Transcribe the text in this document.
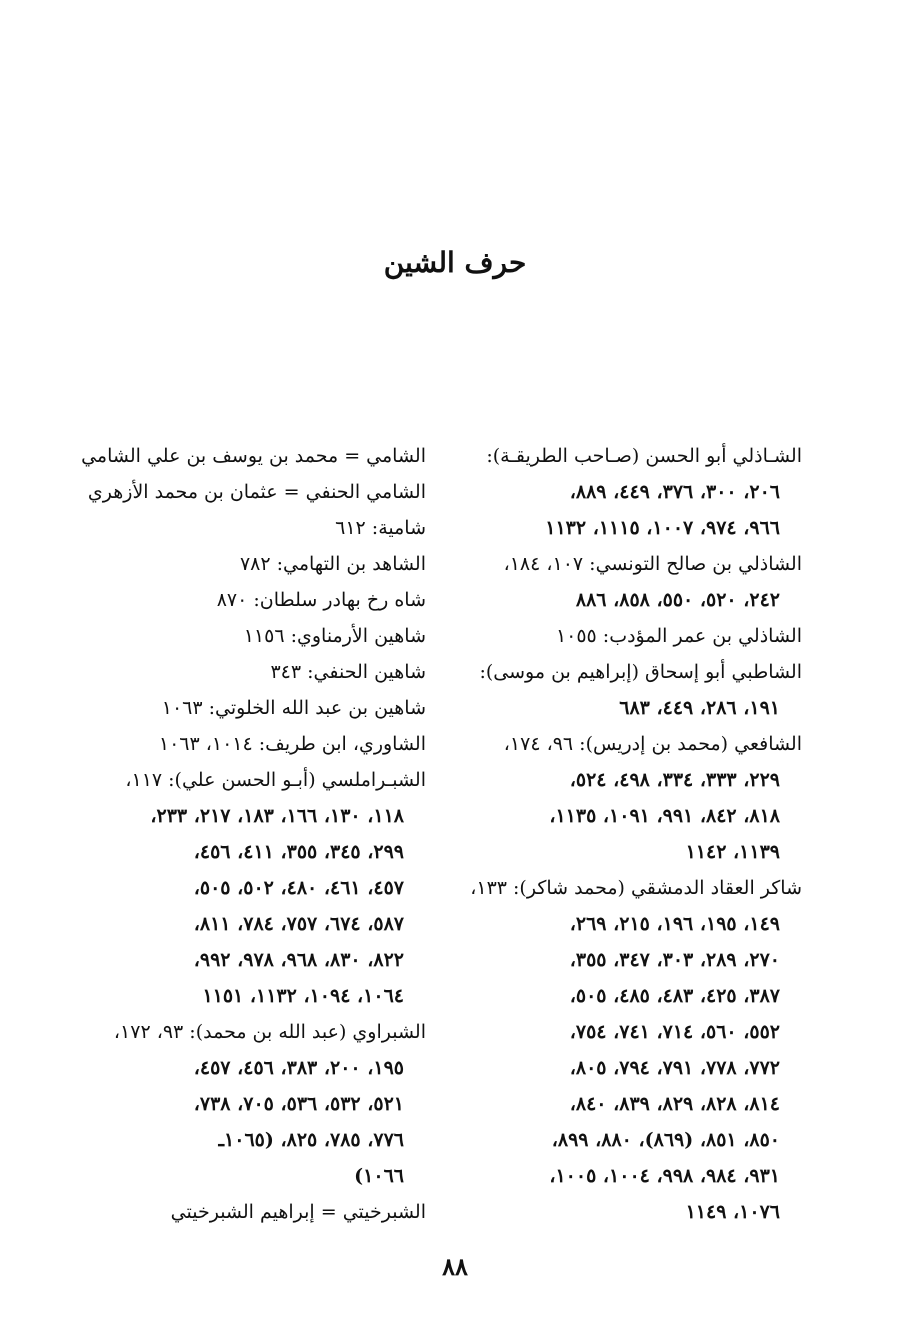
حرف الشين
الشـاذلي أبو الحسن (صـاحب الطريقـة):
٢٠٦، ٣٠٠، ٣٧٦، ٤٤٩، ٨٨٩،
٩٦٦، ٩٧٤، ١٠٠٧، ١١١٥، ١١٣٢
الشاذلي بن صالح التونسي: ١٠٧، ١٨٤،
٢٤٢، ٥٢٠، ٥٥٠، ٨٥٨، ٨٨٦
الشاذلي بن عمر المؤدب: ١٠٥٥
الشاطبي أبو إسحاق (إبراهيم بن موسى):
١٩١، ٢٨٦، ٤٤٩، ٦٨٣
الشافعي (محمد بن إدريس): ٩٦، ١٧٤،
٢٢٩، ٣٣٣، ٣٣٤، ٤٩٨، ٥٢٤،
٨١٨، ٨٤٢، ٩٩١، ١٠٩١، ١١٣٥،
١١٣٩، ١١٤٢
شاكر العقاد الدمشقي (محمد شاكر): ١٣٣،
١٤٩، ١٩٥، ١٩٦، ٢١٥، ٢٦٩،
٢٧٠، ٢٨٩، ٣٠٣، ٣٤٧، ٣٥٥،
٣٨٧، ٤٢٥، ٤٨٣، ٤٨٥، ٥٠٥،
٥٥٢، ٥٦٠، ٧١٤، ٧٤١، ٧٥٤،
٧٧٢، ٧٧٨، ٧٩١، ٧٩٤، ٨٠٥،
٨١٤، ٨٢٨، ٨٢٩، ٨٣٩، ٨٤٠،
٨٥٠، ٨٥١، (٨٦٩)، ٨٨٠، ٨٩٩،
٩٣١، ٩٨٤، ٩٩٨، ١٠٠٤، ١٠٠٥،
١٠٧٦، ١١٤٩
الشامي = محمد بن يوسف بن علي الشامي
الشامي الحنفي = عثمان بن محمد الأزهري
شامية: ٦١٢
الشاهد بن التهامي: ٧٨٢
شاه رخ بهادر سلطان: ٨٧٠
شاهين الأرمناوي: ١١٥٦
شاهين الحنفي: ٣٤٣
شاهين بن عبد الله الخلوتي: ١٠٦٣
الشاوري، ابن طريف: ١٠١٤، ١٠٦٣
الشبـراملسي (أبـو الحسن علي): ١١٧،
١١٨، ١٣٠، ١٦٦، ١٨٣، ٢١٧، ٢٣٣،
٢٩٩، ٣٤٥، ٣٥٥، ٤١١، ٤٥٦،
٤٥٧، ٤٦١، ٤٨٠، ٥٠٢، ٥٠٥،
٥٨٧، ٦٧٤، ٧٥٧، ٧٨٤، ٨١١،
٨٢٢، ٨٣٠، ٩٦٨، ٩٧٨، ٩٩٢،
١٠٦٤، ١٠٩٤، ١١٣٢، ١١٥١
الشبراوي (عبد الله بن محمد): ٩٣، ١٧٢،
١٩٥، ٢٠٠، ٣٨٣، ٤٥٦، ٤٥٧،
٥٢١، ٥٣٢، ٥٣٦، ٧٠٥، ٧٣٨،
٧٧٦، ٧٨٥، ٨٢٥، (١٠٦٥ـ
١٠٦٦)
الشبرخيتي = إبراهيم الشبرخيتي
٨٨
